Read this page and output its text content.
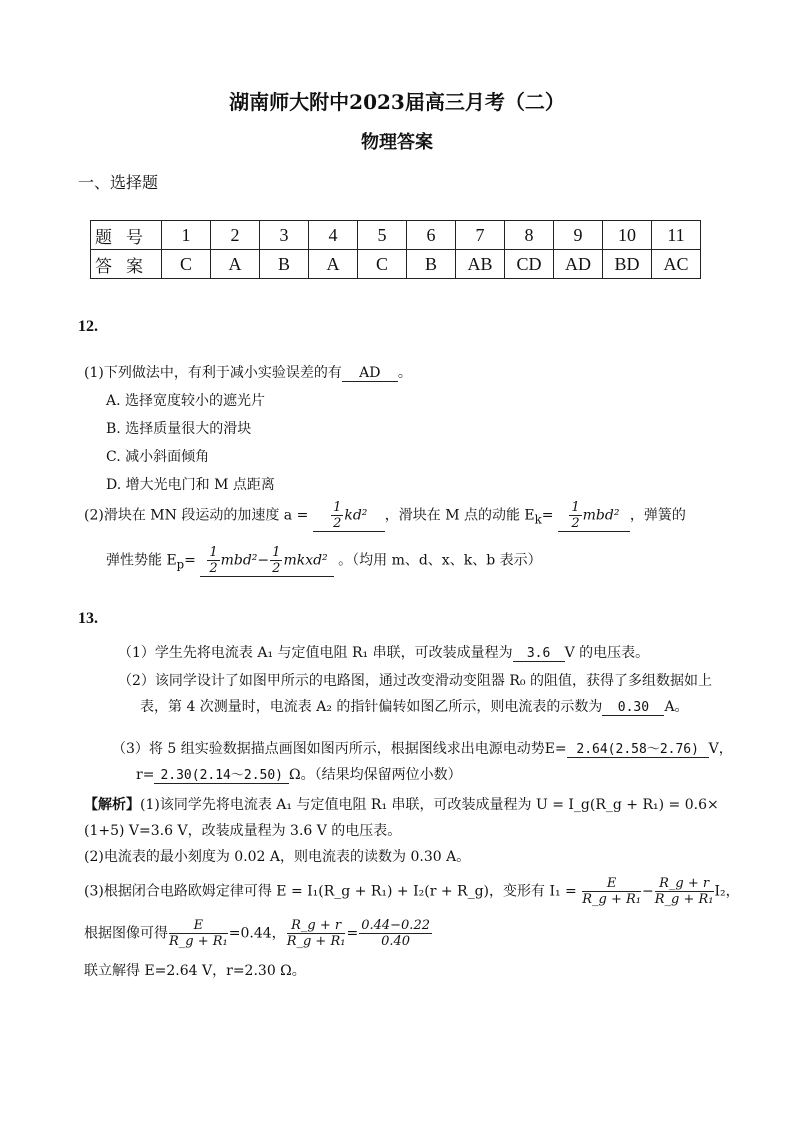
湖南师大附中2023届高三月考（二）
物理答案
一、选择题
题号	1	2	3	4	5	6	7	8	9	10	11
答案	C	A	B	A	C	B	AB	CD	AD	BD	AC
12.
(1)下列做法中，有利于减小实验误差的有 AD 。
A. 选择宽度较小的遮光片
B. 选择质量很大的滑块
C. 减小斜面倾角
D. 增大光电门和 M 点距离
(2)滑块在 MN 段运动的加速度 $a = \frac{1}{2} kd^2$ ，滑块在 M 点的动能 $E_k= \frac{1}{2} mbd^2$ ，弹簧的
弹性势能 $E_p= \frac{1}{2} mbd^2- \frac{1}{2}$ mkxd² 。（均用 m、d、x、k、b 表示）
13.
（1）学生先将电流表 A₁ 与定值电阻 R₁ 串联，可改装成量程为 3.6 V 的电压表。
（2）该同学设计了如图甲所示的电路图，通过改变滑动变阻器 R₀ 的阻值，获得了多组数据如上
表，第 4 次测量时，电流表 A₂ 的指针偏转如图乙所示，则电流表的示数为 0.30 A。
（3）将 5 组实验数据描点画图如图丙所示，根据图线求出电源电动势E= 2.64(2.58～2.76) V，
r= 2.30(2.14～2.50) Ω。（结果均保留两位小数）
【解析】(1)该同学先将电流表 A₁ 与定值电阻 R₁ 串联，可改装成量程为 U = I_g(R_g + R₁) = 0.6×
(1+5) V=3.6 V，改装成量程为 3.6 V 的电压表。
(2)电流表的最小刻度为 0.02 A，则电流表的读数为 0.30 A。
(3)根据闭合电路欧姆定律可得 E = I₁(R_g + R₁) + I₂(r + R_g)，变形有 $I_1 = \frac{E}{\text{R\_g + R₁}} - \frac{R\_g + r}{\text{R\_g + R₁}} I_2$，
根据图像可得 $\frac{E}{\text{R\_g + R₁}} =0.44$， $\frac{R\_g + r}{\text{R\_g + R₁}} = \frac{0.44-0.22}{0.40}$
联立解得 E=2.64 V，r=2.30 Ω。
